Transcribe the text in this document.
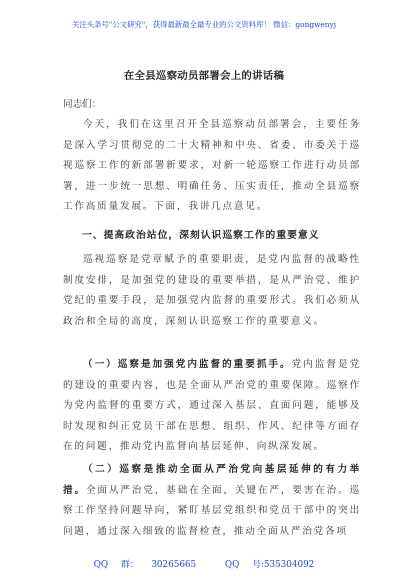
关注头条号"公文研究"，获得最新最全最专业的公文资料库！ 微信：gongwenyj
在全县巡察动员部署会上的讲话稿
同志们：
今天，我们在这里召开全县巡察动员部署会，主要任务是深入学习贯彻党的二十大精神和中央、省委、市委关于巡视巡察工作的新部署新要求，对新一轮巡察工作进行动员部署，进一步统一思想、明确任务、压实责任，推动全县巡察工作高质量发展。下面，我讲几点意见。
一、提高政治站位，深刻认识巡察工作的重要意义
巡视巡察是党章赋予的重要职责，是党内监督的战略性制度安排，是加强党的建设的重要举措，是从严治党、维护党纪的重要手段，是加强党内监督的重要形式。我们必须从政治和全局的高度，深刻认识巡察工作的重要意义。
（一）巡察是加强党内监督的重要抓手。党内监督是党的建设的重要内容，也是全面从严治党的重要保障。巡察作为党内监督的重要方式，通过深入基层、直面问题，能够及时发现和纠正党员干部在思想、组织、作风、纪律等方面存在的问题，推动党内监督向基层延伸、向纵深发展。
（二）巡察是推动全面从严治党向基层延伸的有力举措。全面从严治党，基础在全面，关键在严，要害在治。巡察工作坚持问题导向，紧盯基层党组织和党员干部中的突出问题，通过深入细致的监督检查，推动全面从严治党各项
QQ 群： 30265665	QQ 号:535304092
